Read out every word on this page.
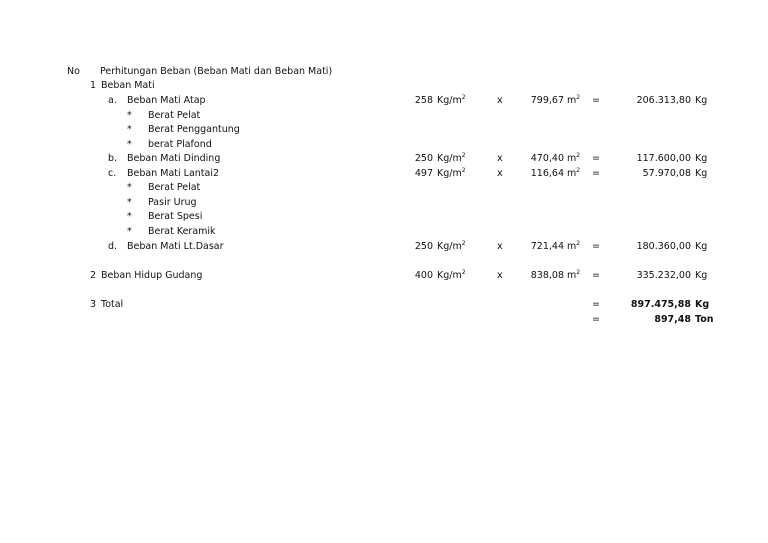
No Perhitungan Beban (Beban Mati dan Beban Mati)
1 Beban Mati
a. Beban Mati Atap	258 $Kg/m^2$	x	799,67 $m^2$ =	206.313,80 Kg
* Berat Pelat
* Berat Penggantung
* berat Plafond
b. Beban Mati Dinding	250 $Kg/m^2$	x	470,40 $m^2$ =	117.600,00 Kg
c. Beban Mati Lantai2	497 $Kg/m^2$	x	116,64 $m^2$ =	57.970,08 Kg
* Berat Pelat
* Pasir Urug
* Berat Spesi
* Berat Keramik
d. Beban Mati Lt.Dasar	250 $Kg/m^2$	x	721,44 $m^2$ =	180.360,00 Kg
2 Beban Hidup Gudang	400 $Kg/m^2$	x	838,08 $m^2$ =	335.232,00 Kg
3 Total	=	897.475,88 Kg
=	897,48 Ton
